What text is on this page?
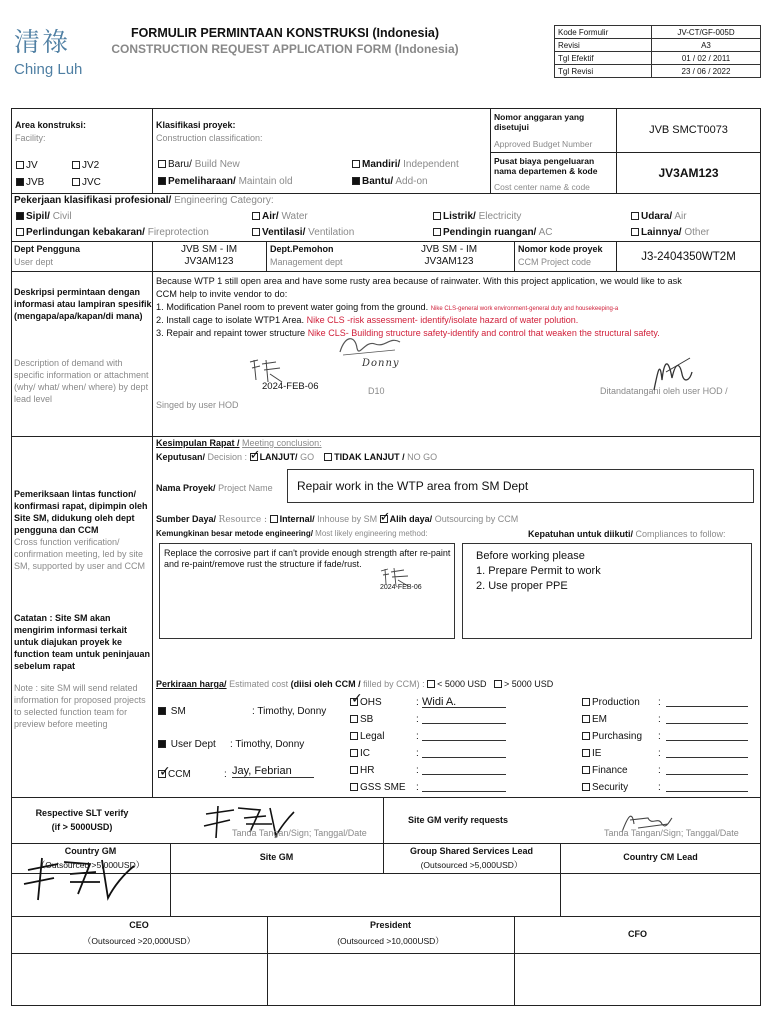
清祿
Ching Luh
FORMULIR PERMINTAAN KONSTRUKSI (Indonesia)
CONSTRUCTION REQUEST APPLICATION FORM (Indonesia)
Kode Formulir	JV-CT/GF-005D
Revisi	A3
Tgl Efektif	01 / 02 / 2011
Tgl Revisi	23 / 06 / 2022
Area konstruksi:
Facility:
JV	JV2
JVB	JVC
Klasifikasi proyek:
Construction classification:
Baru/ Build New	Mandiri/ Independent
Pemeliharaan/ Maintain old	Bantu/ Add-on
Nomor anggaran yang disetujui
Approved Budget Number
JVB SMCT0073
Pusat biaya pengeluaran nama departemen & kode
Cost center name & code
JV3AM123
Pekerjaan klasifikasi profesional/ Engineering Category:
Sipil/ Civil	Air/ Water	Listrik/ Electricity	Udara/ Air
Perlindungan kebakaran/ Fireprotection	Ventilasi/ Ventilation	Pendingin ruangan/ AC	Lainnya/ Other
Dept Pengguna
User dept
JVB SM - IM
JV3AM123
Dept.Pemohon
Management dept
JVB SM - IM
JV3AM123
Nomor kode proyek
CCM Project code	J3-2404350WT2M
Deskripsi permintaan dengan informasi atau lampiran spesifik (mengapa/apa/kapan/di mana)
Description of demand with specific information or attachment (why/ what/ when/ where) by dept lead level
Because WTP 1 still open area and have some rusty area because of rainwater. With this project application, we would like to ask
CCM help to invite vendor to do:
1. Modification Panel room to prevent water going from the ground. Nike CLS-general work environment-general duty and housekeeping-a
2. Install cage to isolate WTP1 Area. Nike CLS -risk assessment- identify/isolate hazard of water polution.
3. Repair and repaint tower structure Nike CLS- Building structure safety-identify and control that weaken the structural safety.
Donny
2024-FEB-06	D10
Singed by user HOD
Ditandatangani oleh user HOD /
Pemeriksaan lintas function/ konfirmasi rapat, dipimpin oleh Site SM, didukung oleh dept pengguna dan CCM
Cross function verification/ confirmation meeting, led by site SM, supported by user and CCM
Catatan : Site SM akan mengirim informasi terkait untuk diajukan proyek ke function team untuk peninjauan sebelum rapat
Note : site SM will send related information for proposed projects to selected function team for preview before meeting
Kesimpulan Rapat / Meeting conclusion:
Keputusan/ Decision : ✓ LANJUT/ GO TIDAK LANJUT / NO GO
Nama Proyek/ Project Name Repair work in the WTP area from SM Dept
Sumber Daya/ Resource : Internal/ Inhouse by SM ✓ Alih daya/ Outsourcing by CCM
Kemungkinan besar metode engineering/ Most likely engineering method:	Kepatuhan untuk diikuti/ Compliances to follow:
Replace the corrosive part if can't provide enough strength after re-paint and re-paint/remove rust the structure if fade/rust.
2024-FEB-06
Before working please
1. Prepare Permit to work
2. Use proper PPE
Perkiraan harga/ Estimated cost (diisi oleh CCM / filled by CCM) : < 5000 USD > 5000 USD
SM	: Timothy, Donny
User Dept : Timothy, Donny
✓
CCM	: Jay, Febrian
✓
OHS	: Widi A.
SB	:
Legal	:
IC	:
HR	:
GSS SME :
Production :
EM	:
Purchasing :
IE	:
Finance	:
Security	:
Respective SLT verify
(if > 5000USD)
Tanda Tangan/Sign; Tanggal/Date
Site GM verify requests
Tanda Tangan/Sign; Tanggal/Date
Country GM
（Outsourced >5,000USD）
Site GM
Group Shared Services Lead
(Outsourced >5,000USD）
Country CM Lead
CEO
（Outsourced >20,000USD）
President
(Outsourced >10,000USD）
CFO
